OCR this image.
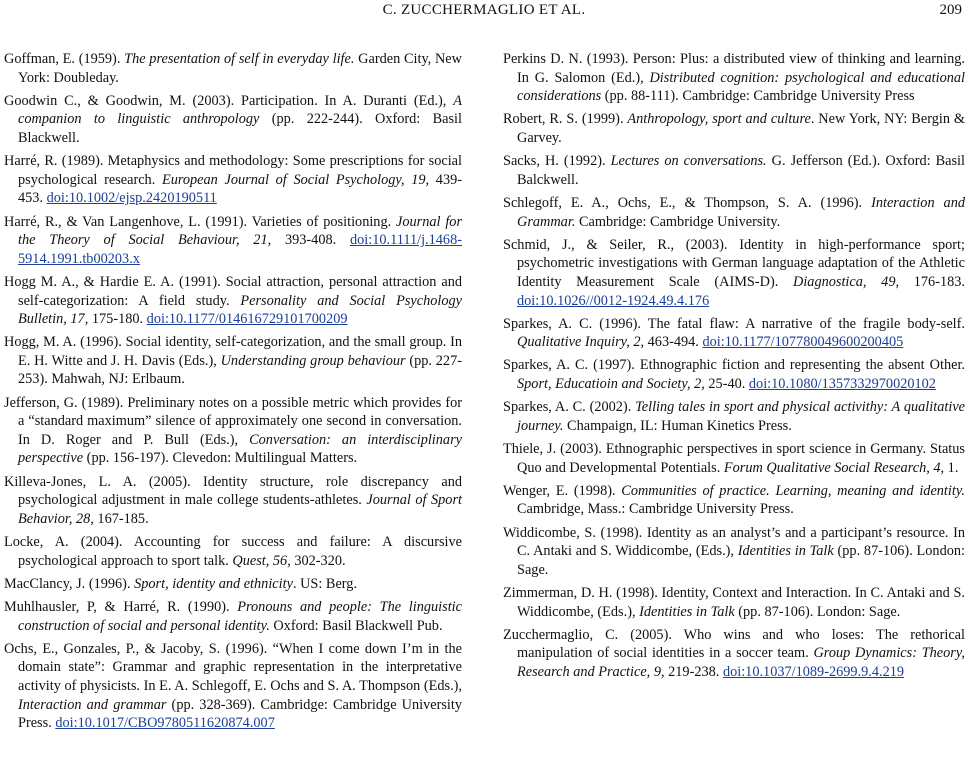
C. ZUCCHERMAGLIO ET AL.	209

Goffman, E. (1959). The presentation of self in everyday life. Garden City, New York: Doubleday.

Goodwin C., & Goodwin, M. (2003). Participation. In A. Duranti (Ed.), A companion to linguistic anthropology (pp. 222-244). Oxford: Basil Blackwell.

Harré, R. (1989). Metaphysics and methodology: Some prescriptions for social psychological research. European Journal of Social Psychology, 19, 439-453. doi:10.1002/ejsp.2420190511

Harré, R., & Van Langenhove, L. (1991). Varieties of positioning. Journal for the Theory of Social Behaviour, 21, 393-408. doi:10.1111/j.1468-5914.1991.tb00203.x

Hogg M. A., & Hardie E. A. (1991). Social attraction, personal attraction and self-categorization: A field study. Personality and Social Psychology Bulletin, 17, 175-180. doi:10.1177/014616729101700209

Hogg, M. A. (1996). Social identity, self-categorization, and the small group. In E. H. Witte and J. H. Davis (Eds.), Understanding group behaviour (pp. 227-253). Mahwah, NJ: Erlbaum.

Jefferson, G. (1989). Preliminary notes on a possible metric which provides for a “standard maximum” silence of approximately one second in conversation. In D. Roger and P. Bull (Eds.), Conversation: an interdisciplinary perspective (pp. 156-197). Clevedon: Multilingual Matters.

Killeva-Jones, L. A. (2005). Identity structure, role discrepancy and psychological adjustment in male college students-athletes. Journal of Sport Behavior, 28, 167-185.

Locke, A. (2004). Accounting for success and failure: A discursive psychological approach to sport talk. Quest, 56, 302-320.

MacClancy, J. (1996). Sport, identity and ethnicity. US: Berg.

Muhlhausler, P, & Harré, R. (1990). Pronouns and people: The linguistic construction of social and personal identity. Oxford: Basil Blackwell Pub.

Ochs, E., Gonzales, P., & Jacoby, S. (1996). “When I come down I’m in the domain state”: Grammar and graphic representation in the interpretative activity of physicists. In E. A. Schlegoff, E. Ochs and S. A. Thompson (Eds.), Interaction and grammar (pp. 328-369). Cambridge: Cambridge University Press. doi:10.1017/CBO9780511620874.007

Perkins D. N. (1993). Person: Plus: a distributed view of thinking and learning. In G. Salomon (Ed.), Distributed cognition: psychological and educational considerations (pp. 88-111). Cambridge: Cambridge University Press

Robert, R. S. (1999). Anthropology, sport and culture. New York, NY: Bergin & Garvey.

Sacks, H. (1992). Lectures on conversations. G. Jefferson (Ed.). Oxford: Basil Balckwell.

Schlegoff, E. A., Ochs, E., & Thompson, S. A. (1996). Interaction and Grammar. Cambridge: Cambridge University.

Schmid, J., & Seiler, R., (2003). Identity in high-performance sport; psychometric investigations with German language adaptation of the Athletic Identity Measurement Scale (AIMS-D). Diagnostica, 49, 176-183. doi:10.1026//0012-1924.49.4.176

Sparkes, A. C. (1996). The fatal flaw: A narrative of the fragile body-self. Qualitative Inquiry, 2, 463-494. doi:10.1177/107780049600200405

Sparkes, A. C. (1997). Ethnographic fiction and representing the absent Other. Sport, Educatioin and Society, 2, 25-40. doi:10.1080/1357332970020102

Sparkes, A. C. (2002). Telling tales in sport and physical activithy: A qualitative journey. Champaign, IL: Human Kinetics Press.

Thiele, J. (2003). Ethnographic perspectives in sport science in Germany. Status Quo and Developmental Potentials. Forum Qualitative Social Research, 4, 1.

Wenger, E. (1998). Communities of practice. Learning, meaning and identity. Cambridge, Mass.: Cambridge University Press.

Widdicombe, S. (1998). Identity as an analyst’s and a participant’s resource. In C. Antaki and S. Widdicombe, (Eds.), Identities in Talk (pp. 87-106). London: Sage.

Zimmerman, D. H. (1998). Identity, Context and Interaction. In C. Antaki and S. Widdicombe, (Eds.), Identities in Talk (pp. 87-106). London: Sage.

Zucchermaglio, C. (2005). Who wins and who loses: The rethorical manipulation of social identities in a soccer team. Group Dynamics: Theory, Research and Practice, 9, 219-238. doi:10.1037/1089-2699.9.4.219
